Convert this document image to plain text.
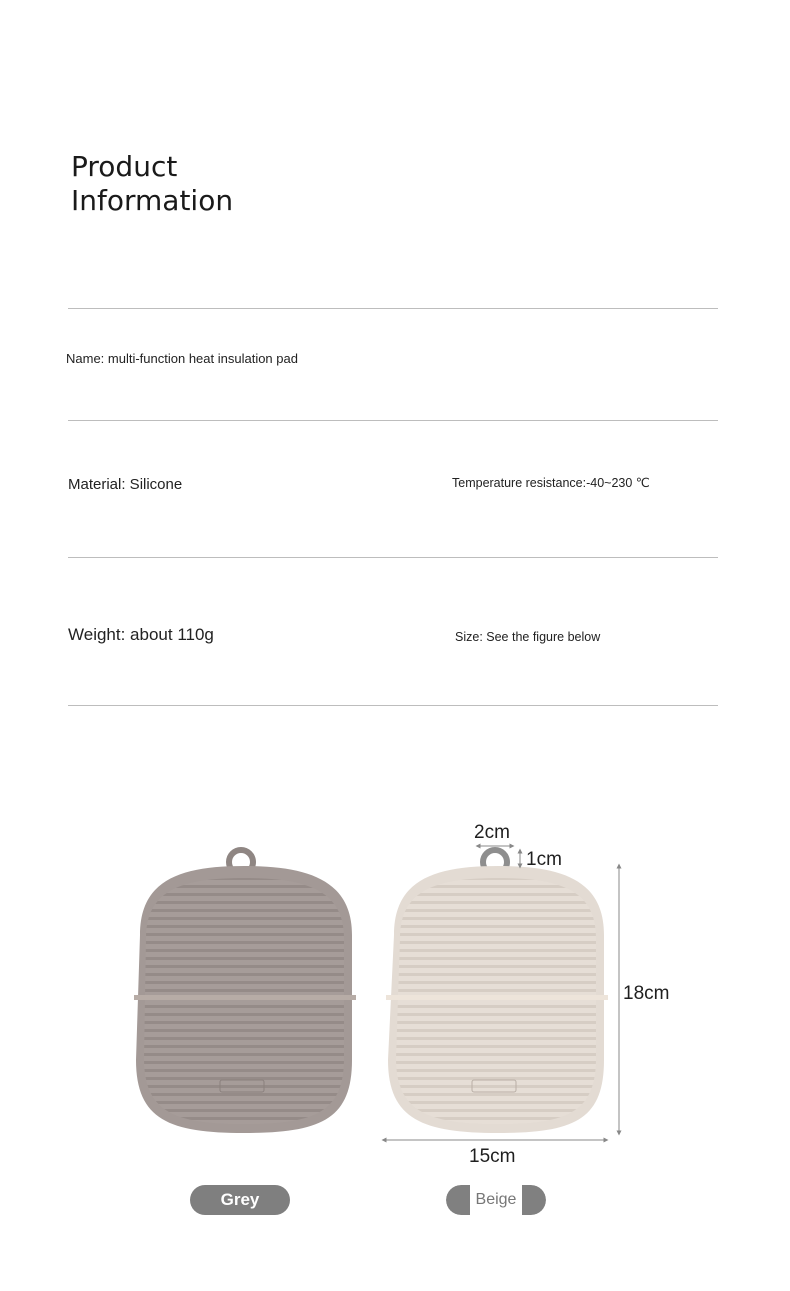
Product
Information
Name: multi-function heat insulation pad
Material: Silicone	Temperature resistance:-40~230 ℃
Weight: about 110g	Size: See the figure below
2cm
1cm
18cm
15cm
Grey	Beige
